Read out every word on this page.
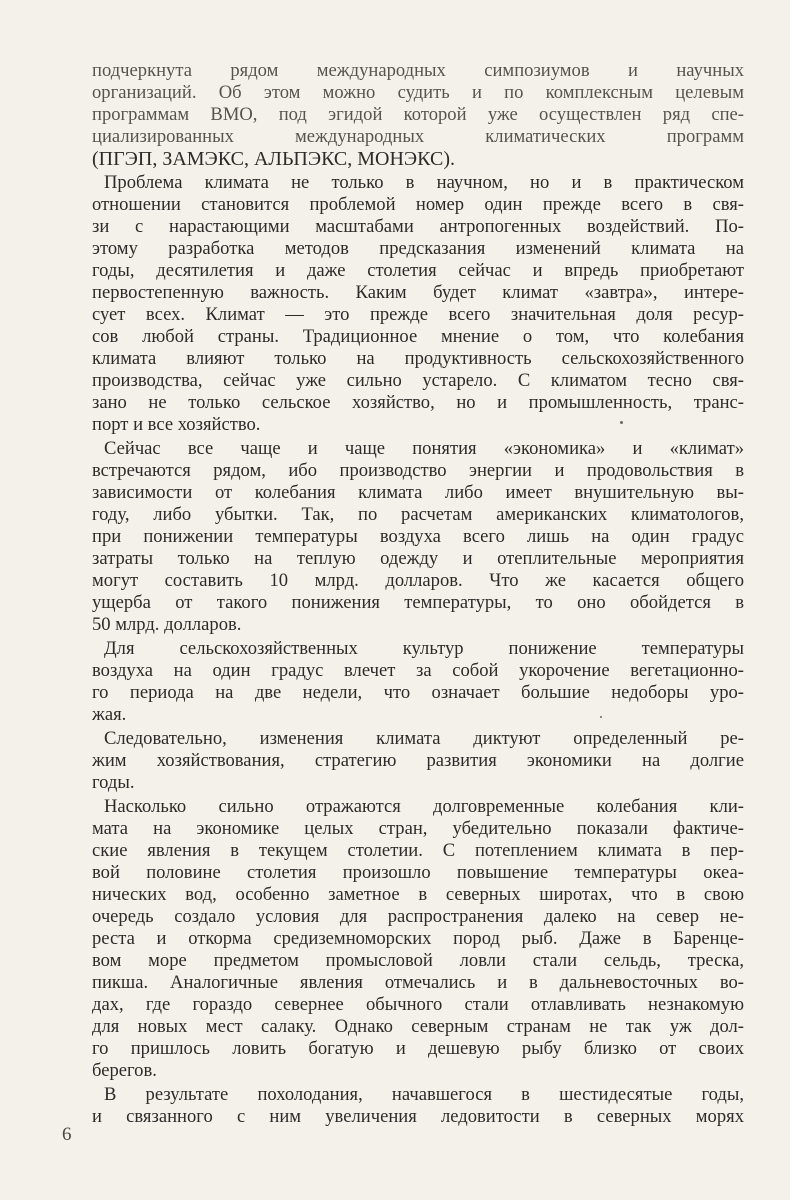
подчеркнута рядом международных симпозиумов и научных
организаций. Об этом можно судить и по комплексным целевым
программам ВМО, под эгидой которой уже осуществлен ряд спе-
циализированных международных климатических программ
(ПГЭП, ЗАМЭКС, АЛЬПЭКС, МОНЭКС).
Проблема климата не только в научном, но и в практическом
отношении становится проблемой номер один прежде всего в свя-
зи с нарастающими масштабами антропогенных воздействий. По-
этому разработка методов предсказания изменений климата на
годы, десятилетия и даже столетия сейчас и впредь приобретают
первостепенную важность. Каким будет климат «завтра», интере-
сует всех. Климат — это прежде всего значительная доля ресур-
сов любой страны. Традиционное мнение о том, что колебания
климата влияют только на продуктивность сельскохозяйственного
производства, сейчас уже сильно устарело. С климатом тесно свя-
зано не только сельское хозяйство, но и промышленность, транс-
порт и все хозяйство.
Сейчас все чаще и чаще понятия «экономика» и «климат»
встречаются рядом, ибо производство энергии и продовольствия в
зависимости от колебания климата либо имеет внушительную вы-
году, либо убытки. Так, по расчетам американских климатологов,
при понижении температуры воздуха всего лишь на один градус
затраты только на теплую одежду и отеплительные мероприятия
могут составить 10 млрд. долларов. Что же касается общего
ущерба от такого понижения температуры, то оно обойдется в
50 млрд. долларов.
Для сельскохозяйственных культур понижение температуры
воздуха на один градус влечет за собой укорочение вегетационно-
го периода на две недели, что означает большие недоборы уро-
жая.
Следовательно, изменения климата диктуют определенный ре-
жим хозяйствования, стратегию развития экономики на долгие
годы.
Насколько сильно отражаются долговременные колебания кли-
мата на экономике целых стран, убедительно показали фактиче-
ские явления в текущем столетии. С потеплением климата в пер-
вой половине столетия произошло повышение температуры океа-
нических вод, особенно заметное в северных широтах, что в свою
очередь создало условия для распространения далеко на север не-
реста и откорма средиземноморских пород рыб. Даже в Баренце-
вом море предметом промысловой ловли стали сельдь, треска,
пикша. Аналогичные явления отмечались и в дальневосточных во-
дах, где гораздо севернее обычного стали отлавливать незнакомую
для новых мест салаку. Однако северным странам не так уж дол-
го пришлось ловить богатую и дешевую рыбу близко от своих
берегов.
В результате похолодания, начавшегося в шестидесятые годы,
и связанного с ним увеличения ледовитости в северных морях
6
